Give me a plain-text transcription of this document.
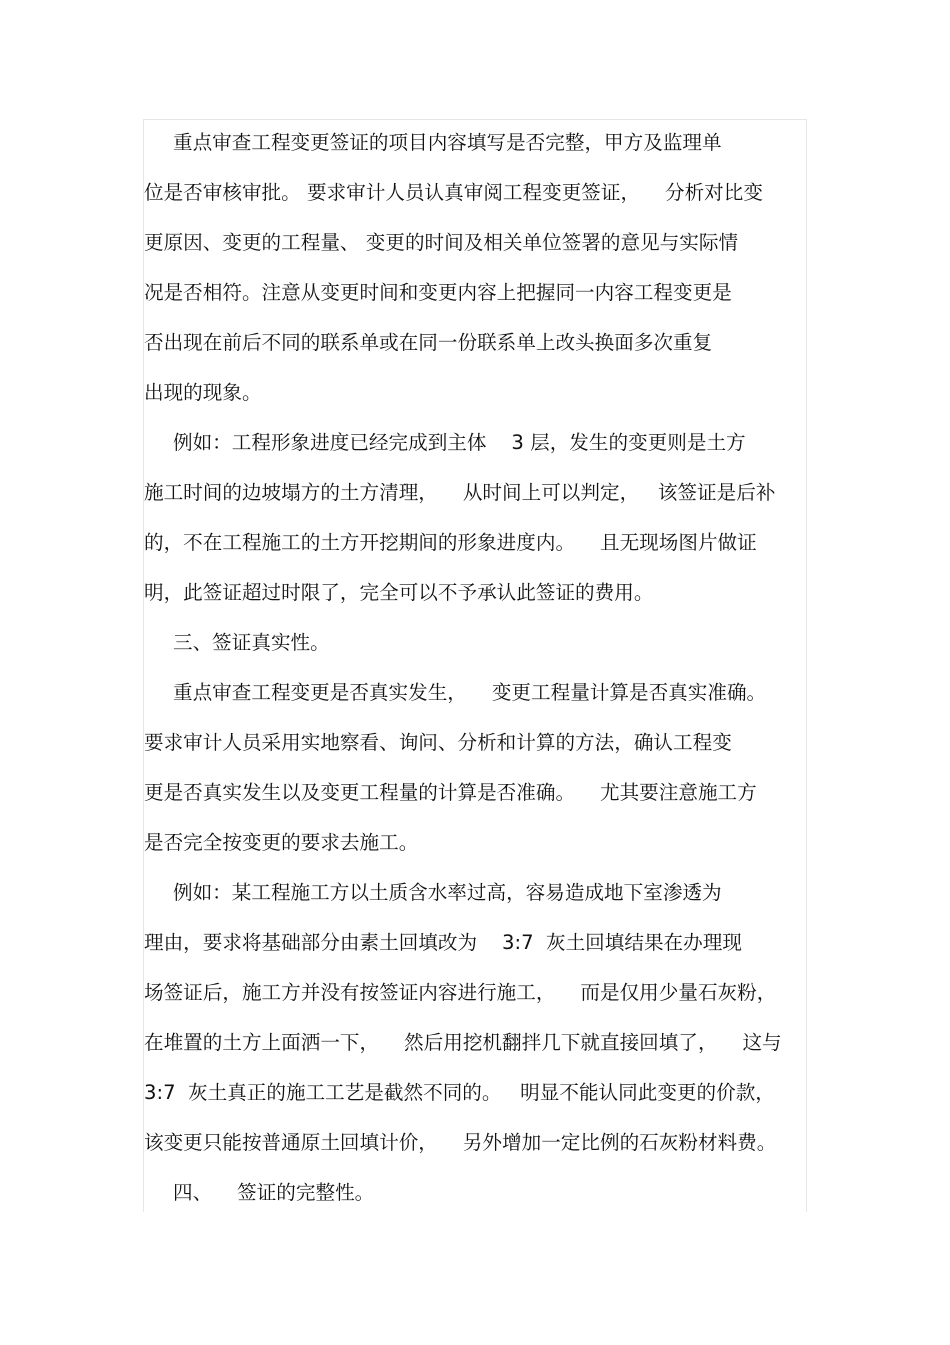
重点审查工程变更签证的项目内容填写是否完整，甲方及监理单
位是否审核审批。 要求审计人员认真审阅工程变更签证，    分析对比变
更原因、变更的工程量、 变更的时间及相关单位签署的意见与实际情
况是否相符。注意从变更时间和变更内容上把握同一内容工程变更是
否出现在前后不同的联系单或在同一份联系单上改头换面多次重复
出现的现象。
例如：工程形象进度已经完成到主体    3 层，发生的变更则是土方
施工时间的边坡塌方的土方清理，    从时间上可以判定，   该签证是后补
的，不在工程施工的土方开挖期间的形象进度内。    且无现场图片做证
明，此签证超过时限了，完全可以不予承认此签证的费用。
三、签证真实性。
重点审查工程变更是否真实发生，    变更工程量计算是否真实准确。
要求审计人员采用实地察看、询问、分析和计算的方法，确认工程变
更是否真实发生以及变更工程量的计算是否准确。    尤其要注意施工方
是否完全按变更的要求去施工。
例如：某工程施工方以土质含水率过高，容易造成地下室渗透为
理由，要求将基础部分由素土回填改为    3:7  灰土回填结果在办理现
场签证后，施工方并没有按签证内容进行施工，    而是仅用少量石灰粉，
在堆置的土方上面洒一下，    然后用挖机翻拌几下就直接回填了，    这与
3:7  灰土真正的施工工艺是截然不同的。   明显不能认同此变更的价款，
该变更只能按普通原土回填计价，    另外增加一定比例的石灰粉材料费。
四、    签证的完整性。
